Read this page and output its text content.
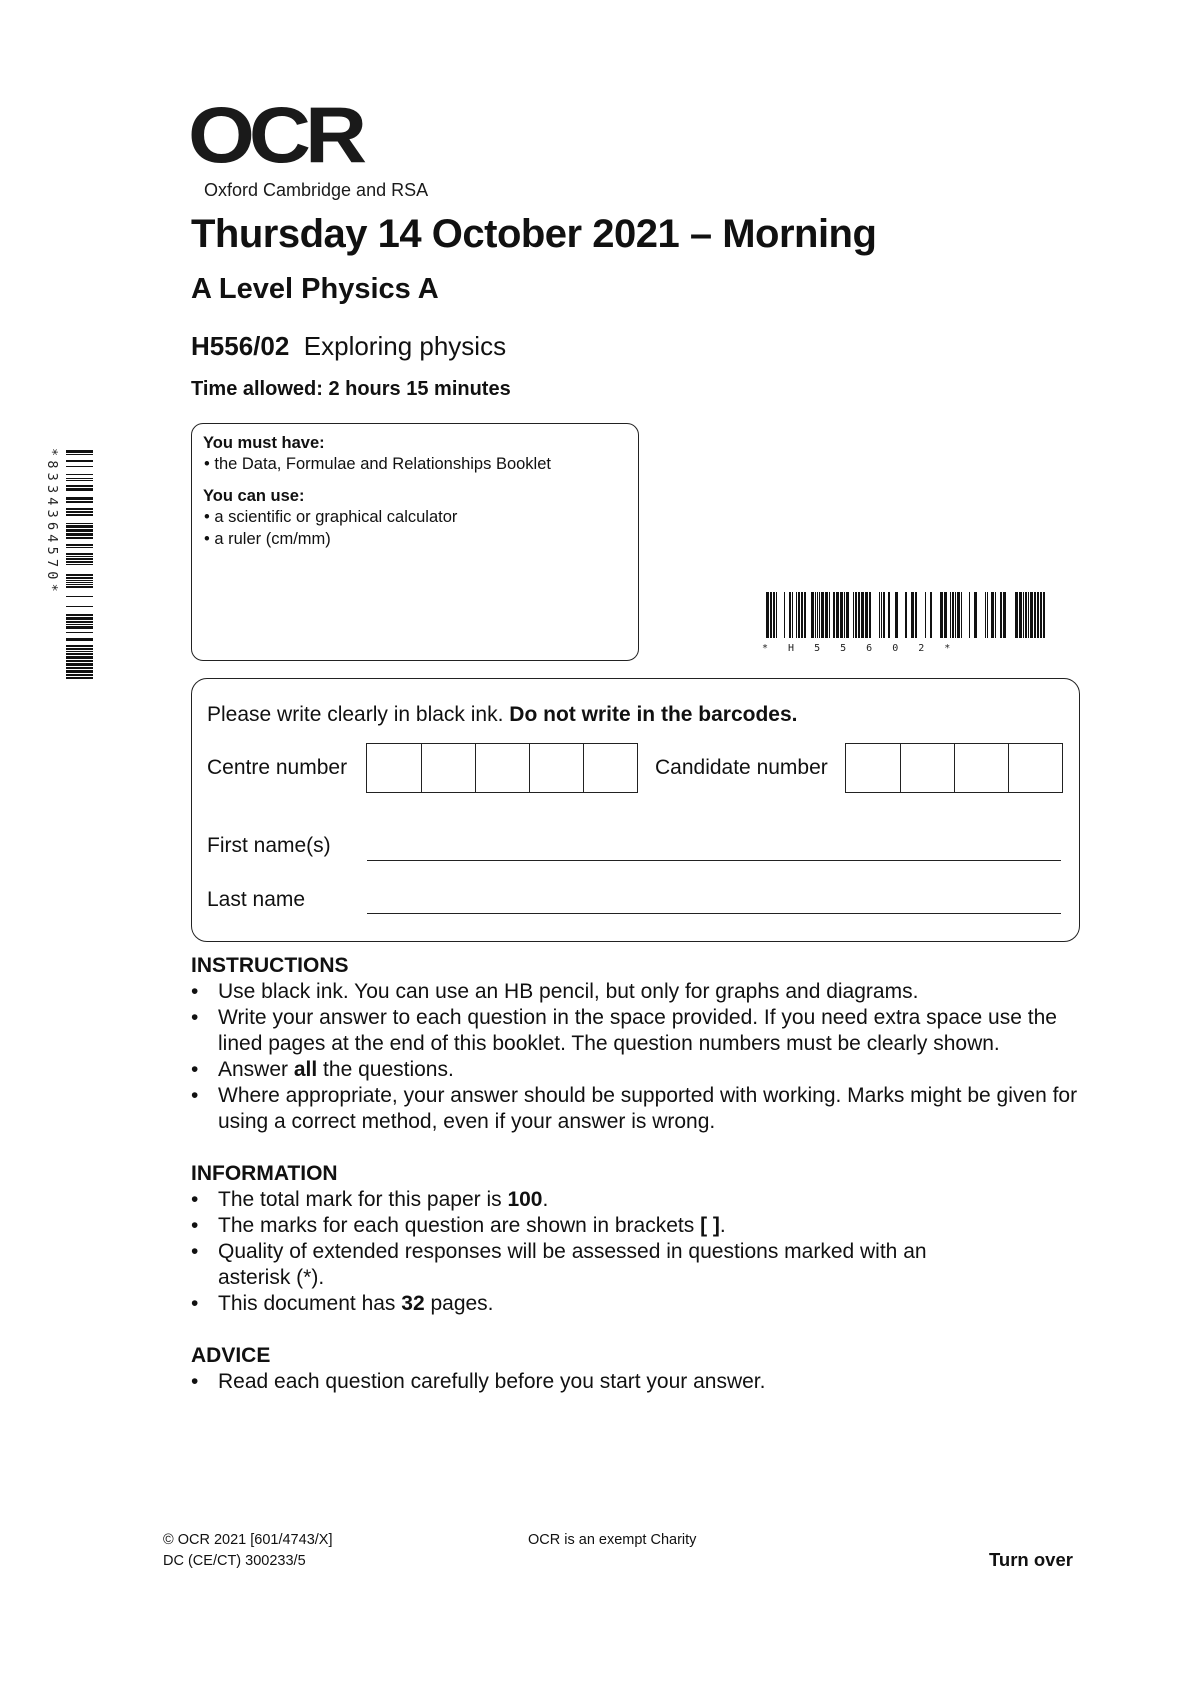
OCR
Oxford Cambridge and RSA
Thursday 14 October 2021 – Morning
A Level Physics A
H556/02 Exploring physics
Time allowed: 2 hours 15 minutes
*8334364570*
You must have:
• the Data, Formulae and Relationships Booklet
You can use:
• a scientific or graphical calculator
• a ruler (cm/mm)
* H 5 5 6 0 2 *
Please write clearly in black ink. Do not write in the barcodes.
Centre number	Candidate number
First name(s)
Last name
INSTRUCTIONS
• Use black ink. You can use an HB pencil, but only for graphs and diagrams.
• Write your answer to each question in the space provided. If you need extra space use the lined pages at the end of this booklet. The question numbers must be clearly shown.
• Answer all the questions.
• Where appropriate, your answer should be supported with working. Marks might be given for using a correct method, even if your answer is wrong.
INFORMATION
• The total mark for this paper is 100.
• The marks for each question are shown in brackets [ ].
• Quality of extended responses will be assessed in questions marked with an asterisk (*).
• This document has 32 pages.
ADVICE
• Read each question carefully before you start your answer.
© OCR 2021 [601/4743/X]
DC (CE/CT) 300233/5
OCR is an exempt Charity
Turn over
